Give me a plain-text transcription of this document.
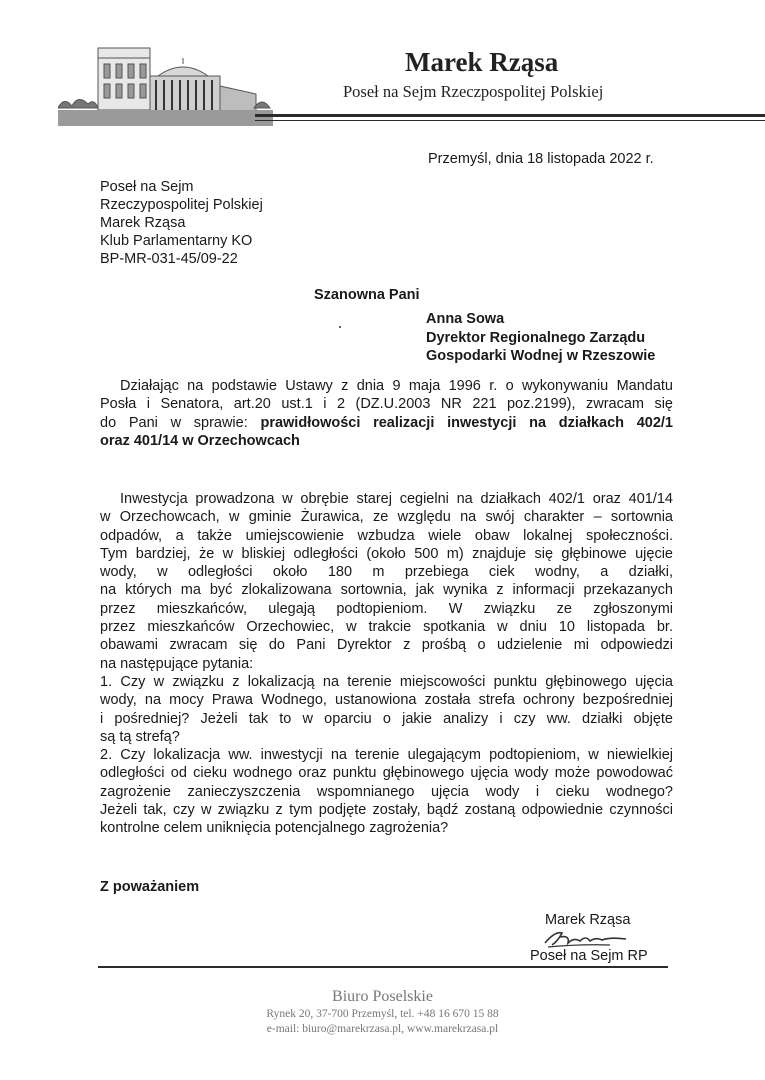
Marek Rząsa
Poseł na Sejm Rzeczpospolitej Polskiej
Przemyśl, dnia 18 listopada 2022 r.
Poseł na Sejm
Rzeczypospolitej Polskiej
Marek Rząsa
Klub Parlamentarny KO
BP-MR-031-45/09-22
Szanowna Pani
Anna Sowa
Dyrektor Regionalnego Zarządu
Gospodarki Wodnej w Rzeszowie
Działając na podstawie Ustawy z dnia 9 maja 1996 r. o wykonywaniu Mandatu
Posła i Senatora, art.20 ust.1 i 2 (DZ.U.2003 NR 221 poz.2199), zwracam się
do Pani w sprawie: prawidłowości realizacji inwestycji na działkach 402/1
oraz 401/14 w Orzechowcach
Inwestycja prowadzona w obrębie starej cegielni na działkach 402/1 oraz 401/14
w Orzechowcach, w gminie Żurawica, ze względu na swój charakter – sortownia
odpadów, a także umiejscowienie wzbudza wiele obaw lokalnej społeczności.
Tym bardziej, że w bliskiej odległości (około 500 m) znajduje się głębinowe ujęcie
wody, w odległości około 180 m przebiega ciek wodny, a działki,
na których ma być zlokalizowana sortownia, jak wynika z informacji przekazanych
przez mieszkańców, ulegają podtopieniom. W związku ze zgłoszonymi
przez mieszkańców Orzechowiec, w trakcie spotkania w dniu 10 listopada br.
obawami zwracam się do Pani Dyrektor z prośbą o udzielenie mi odpowiedzi
na następujące pytania:
1. Czy w związku z lokalizacją na terenie miejscowości punktu głębinowego ujęcia
wody, na mocy Prawa Wodnego, ustanowiona została strefa ochrony bezpośredniej
i pośredniej? Jeżeli tak to w oparciu o jakie analizy i czy ww. działki objęte
są tą strefą?
2. Czy lokalizacja ww. inwestycji na terenie ulegającym podtopieniom, w niewielkiej
odległości od cieku wodnego oraz punktu głębinowego ujęcia wody może powodować
zagrożenie zanieczyszczenia wspomnianego ujęcia wody i cieku wodnego?
Jeżeli tak, czy w związku z tym podjęte zostały, bądź zostaną odpowiednie czynności
kontrolne celem uniknięcia potencjalnego zagrożenia?
Z poważaniem
Marek Rząsa
Poseł na Sejm RP
Biuro Poselskie
Rynek 20, 37-700 Przemyśl, tel. +48 16 670 15 88
e-mail: biuro@marekrzasa.pl, www.marekrzasa.pl
